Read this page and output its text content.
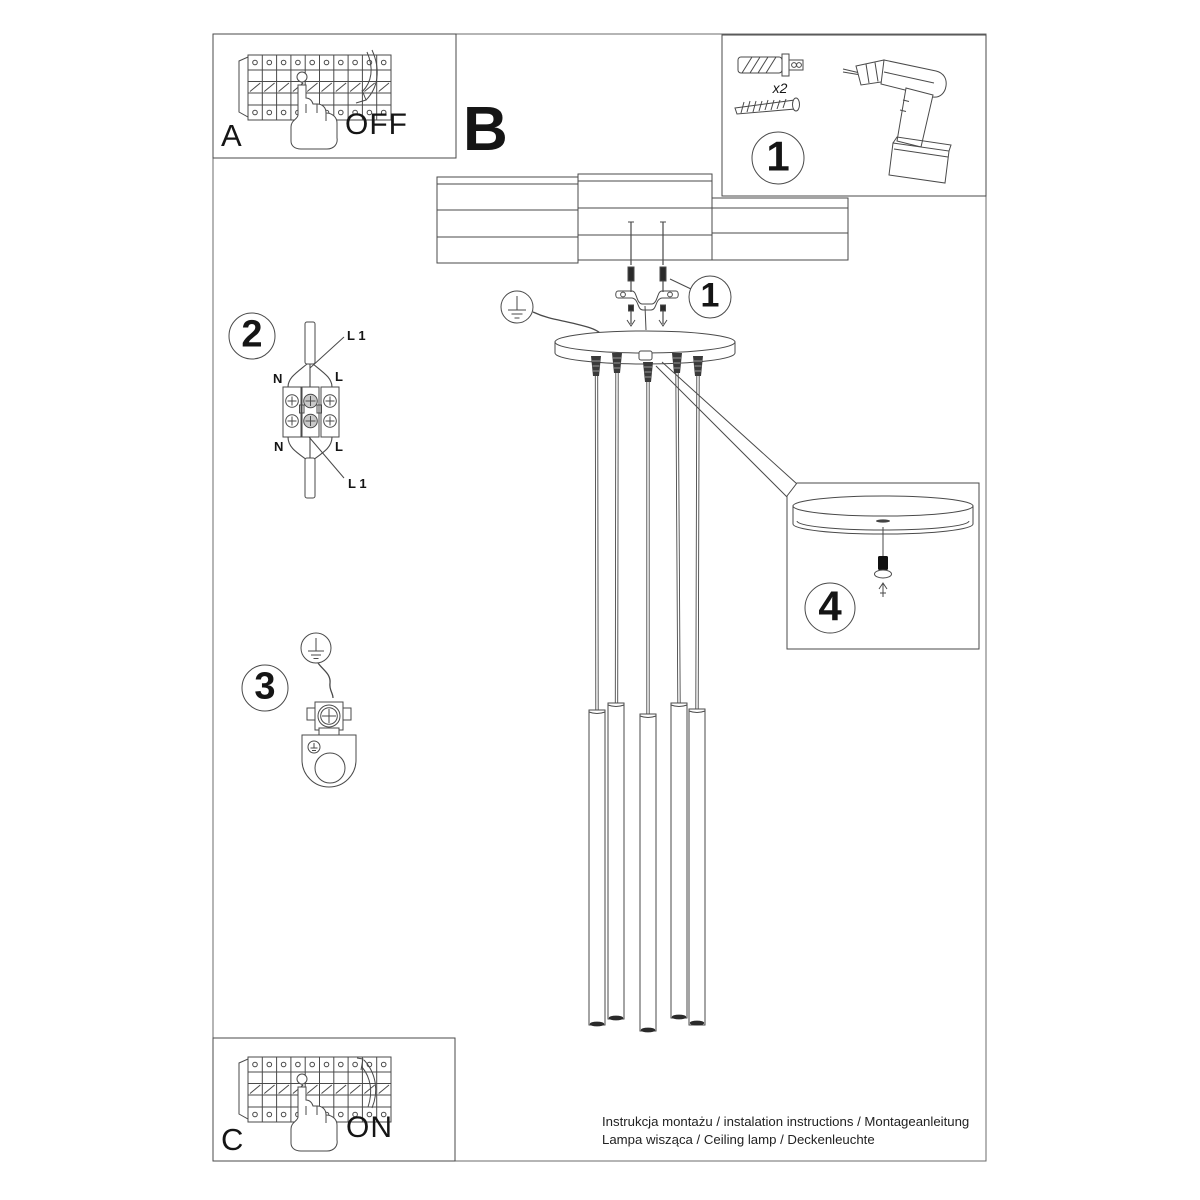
A	OFF B
x2
1
1
2
3
4
L 1
N	L
N	L
L 1
C	ON	Instrukcja montażu / instalation instructions / Montageanleitung
Lampa wisząca / Ceiling lamp / Deckenleuchte
